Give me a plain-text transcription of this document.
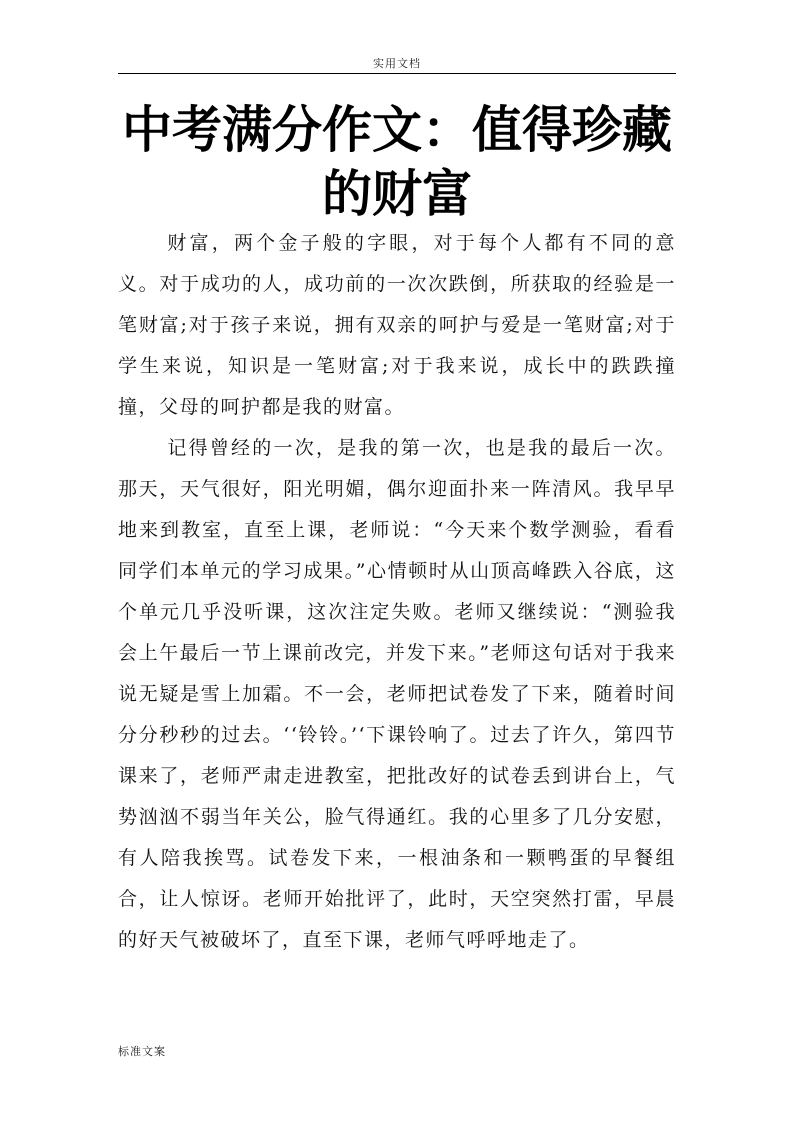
实用文档
中考满分作文：值得珍藏的财富

财富，两个金子般的字眼，对于每个人都有不同的意义。对于成功的人，成功前的一次次跌倒，所获取的经验是一笔财富;对于孩子来说，拥有双亲的呵护与爱是一笔财富;对于学生来说，知识是一笔财富;对于我来说，成长中的跌跌撞撞，父母的呵护都是我的财富。

记得曾经的一次，是我的第一次，也是我的最后一次。那天，天气很好，阳光明媚，偶尔迎面扑来一阵清风。我早早地来到教室，直至上课，老师说：“今天来个数学测验，看看同学们本单元的学习成果。”心情顿时从山顶高峰跌入谷底，这个单元几乎没听课，这次注定失败。老师又继续说：“测验我会上午最后一节上课前改完，并发下来。”老师这句话对于我来说无疑是雪上加霜。不一会，老师把试卷发了下来，随着时间分分秒秒的过去。‘‘铃铃。’‘下课铃响了。过去了许久，第四节课来了，老师严肃走进教室，把批改好的试卷丢到讲台上，气势汹汹不弱当年关公，脸气得通红。我的心里多了几分安慰，有人陪我挨骂。试卷发下来，一根油条和一颗鸭蛋的早餐组合，让人惊讶。老师开始批评了，此时，天空突然打雷，早晨的好天气被破坏了，直至下课，老师气呼呼地走了。

标准文案
